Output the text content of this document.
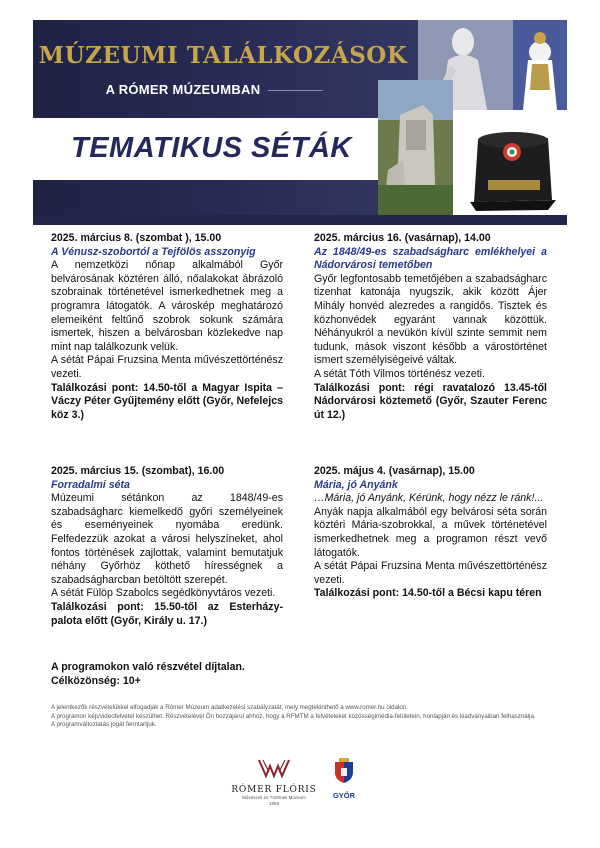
MÚZEUMI TALÁLKOZÁSOK
A RÓMER MÚZEUMBAN
TEMATIKUS SÉTÁK

2025. március 8. (szombat ), 15.00

A Vénusz-szobortól a Tejfölös asszonyig

A nemzetközi nőnap alkalmából Győr belvárosának köztéren álló, nőalakokat ábrázoló szobrainak történetével ismerkedhetnek meg a programra látogatók. A városkép meghatározó elemeiként feltűnő szobrok sokunk számára ismertek, hiszen a belvárosban közlekedve nap mint nap találkozunk velük.

A sétát Pápai Fruzsina Menta művészettörténész vezeti.

Találkozási pont: 14.50-től a Magyar Ispita – Váczy Péter Gyűjtemény előtt (Győr, Nefelejcs köz 3.)

2025. március 16. (vasárnap), 14.00

Az 1848/49-es szabadságharc emlékhelyei a Nádorvárosi temetőben

Győr legfontosabb temetőjében a szabadságharc tizenhat katonája nyugszik, akik között Ájer Mihály honvéd alezredes a rangidős. Tisztek és közhonvédek egyaránt vannak közöttük. Néhányukról a nevükön kívül szinte semmit nem tudunk, mások viszont később a várostörténet ismert személyiségeivé váltak.

A sétát Tóth Vilmos történész vezeti.

Találkozási pont: régi ravatalozó 13.45-től Nádorvárosi köztemető (Győr, Szauter Ferenc út 12.)

2025. március 15. (szombat), 16.00

Forradalmi séta

Múzeumi sétánkon az 1848/49-es szabadságharc kiemelkedő győri személyeinek és eseményeinek nyomába eredünk. Felfedezzük azokat a városi helyszíneket, ahol fontos történések zajlottak, valamint bemutatjuk néhány Győrhöz köthető hírességnek a szabadságharcban betöltött szerepét.

A sétát Fülöp Szabolcs segédkönyvtáros vezeti.

Találkozási pont: 15.50-től az Esterházy-palota előtt (Győr, Király u. 17.)

2025. május 4. (vasárnap), 15.00

Mária, jó Anyánk

…Mária, jó Anyánk, Kérünk, hogy nézz le ránk!...

Anyák napja alkalmából egy belvárosi séta során köztéri Mária-szobrokkal, a művek történetével ismerkedhetnek meg a programon részt vevő látogatók.

A sétát Pápai Fruzsina Menta művészettörténész vezeti.

Találkozási pont: 14.50-től a Bécsi kapu téren

A programokon való részvétel díjtalan.
Célközönség: 10+

A jelentkezők részvételükkel elfogadják a Rómer Múzeum adatkezelési szabályzatát, mely megtekinthető a www.romer.hu oldalon.

A programon kép/videofelvétel készülhet. Részvételével Ön hozzájárul ahhoz, hogy a RFMTM a felvételeket közösségimédia-felületein, honlapján és kiadványaiban felhasználja.

A programváltoztatás jogát fenntartjuk.

RÓMER FLÓRIS
Művészeti és Történeti Múzeum
1858
GYŐR
